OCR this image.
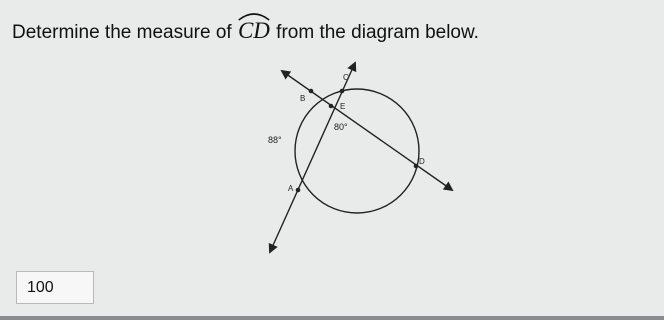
Determine the measure of
CD from the diagram below.
B
C
E
D
A
80°
88°
100
